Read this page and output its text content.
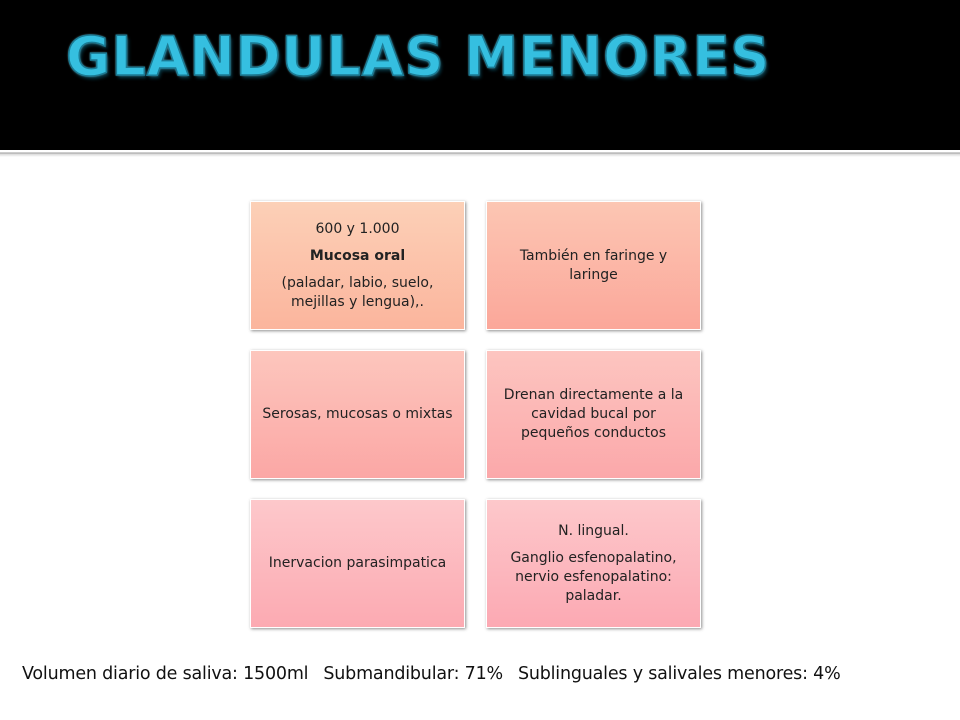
GLANDULAS MENORES

600 y 1.000

Mucosa oral

(paladar, labio, suelo, mejillas y lengua),.

También en faringe y laringe

Serosas, mucosas o mixtas

Drenan directamente a la cavidad bucal por pequeños conductos

Inervacion parasimpatica

N. lingual.

Ganglio esfenopalatino, nervio esfenopalatino: paladar.

Volumen diario de saliva: 1500ml Submandibular: 71% Sublinguales y salivales menores: 4%
